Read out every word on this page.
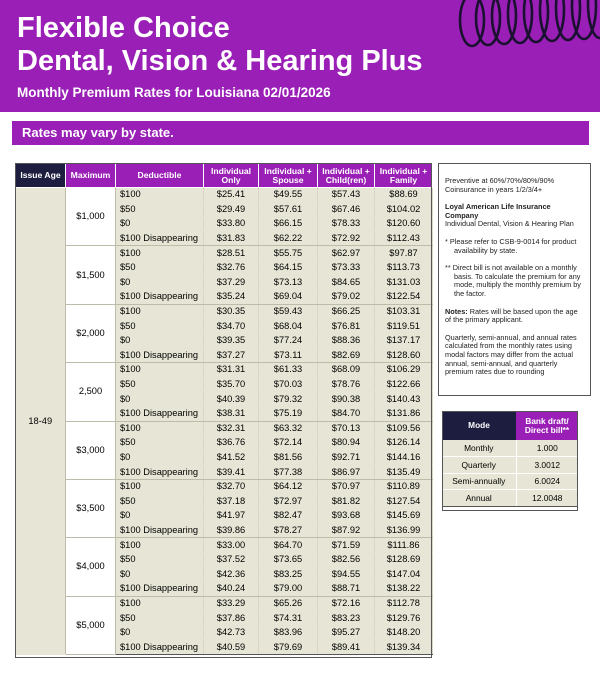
Flexible Choice
Dental, Vision & Hearing Plus
Monthly Premium Rates for Louisiana 02/01/2026
Rates may vary by state.
Issue Age	Maximum	Deductible	Individual Only	Individual + Spouse	Individual + Child(ren)	Individual + Family
18-49	$1,000	$100	$25.41	$49.55	$57.43	$88.69
		$50	$29.49	$57.61	$67.46	$104.02
		$0	$33.80	$66.15	$78.33	$120.60
		$100 Disappearing	$31.83	$62.22	$72.92	$112.43
	$1,500	$100	$28.51	$55.75	$62.97	$97.87
		$50	$32.76	$64.15	$73.33	$113.73
		$0	$37.29	$73.13	$84.65	$131.03
		$100 Disappearing	$35.24	$69.04	$79.02	$122.54
	$2,000	$100	$30.35	$59.43	$66.25	$103.31
		$50	$34.70	$68.04	$76.81	$119.51
		$0	$39.35	$77.24	$88.36	$137.17
		$100 Disappearing	$37.27	$73.11	$82.69	$128.60
	2,500	$100	$31.31	$61.33	$68.09	$106.29
		$50	$35.70	$70.03	$78.76	$122.66
		$0	$40.39	$79.32	$90.38	$140.43
		$100 Disappearing	$38.31	$75.19	$84.70	$131.86
	$3,000	$100	$32.31	$63.32	$70.13	$109.56
		$50	$36.76	$72.14	$80.94	$126.14
		$0	$41.52	$81.56	$92.71	$144.16
		$100 Disappearing	$39.41	$77.38	$86.97	$135.49
	$3,500	$100	$32.70	$64.12	$70.97	$110.89
		$50	$37.18	$72.97	$81.82	$127.54
		$0	$41.97	$82.47	$93.68	$145.69
		$100 Disappearing	$39.86	$78.27	$87.92	$136.99
	$4,000	$100	$33.00	$64.70	$71.59	$111.86
		$50	$37.52	$73.65	$82.56	$128.69
		$0	$42.36	$83.25	$94.55	$147.04
		$100 Disappearing	$40.24	$79.00	$88.71	$138.22
	$5,000	$100	$33.29	$65.26	$72.16	$112.78
		$50	$37.86	$74.31	$83.23	$129.76
		$0	$42.73	$83.96	$95.27	$148.20
		$100 Disappearing	$40.59	$79.69	$89.41	$139.34

Preventive at 60%/70%/80%/90%
Coinsurance in years 1/2/3/4+

Loyal American Life Insurance Company
Individual Dental, Vision & Hearing Plan

* Please refer to CSB-9-0014 for product availability by state.

** Direct bill is not available on a monthly basis. To calculate the premium for any mode, multiply the monthly premium by the factor.

Notes: Rates will be based upon the age of the primary applicant.

Quarterly, semi-annual, and annual rates calculated from the monthly rates using modal factors may differ from the actual annual, semi-annual, and quarterly premium rates due to rounding

Mode	Bank draft/ Direct bill**
Monthly	1.000
Quarterly	3.0012
Semi-annually	6.0024
Annual	12.0048
